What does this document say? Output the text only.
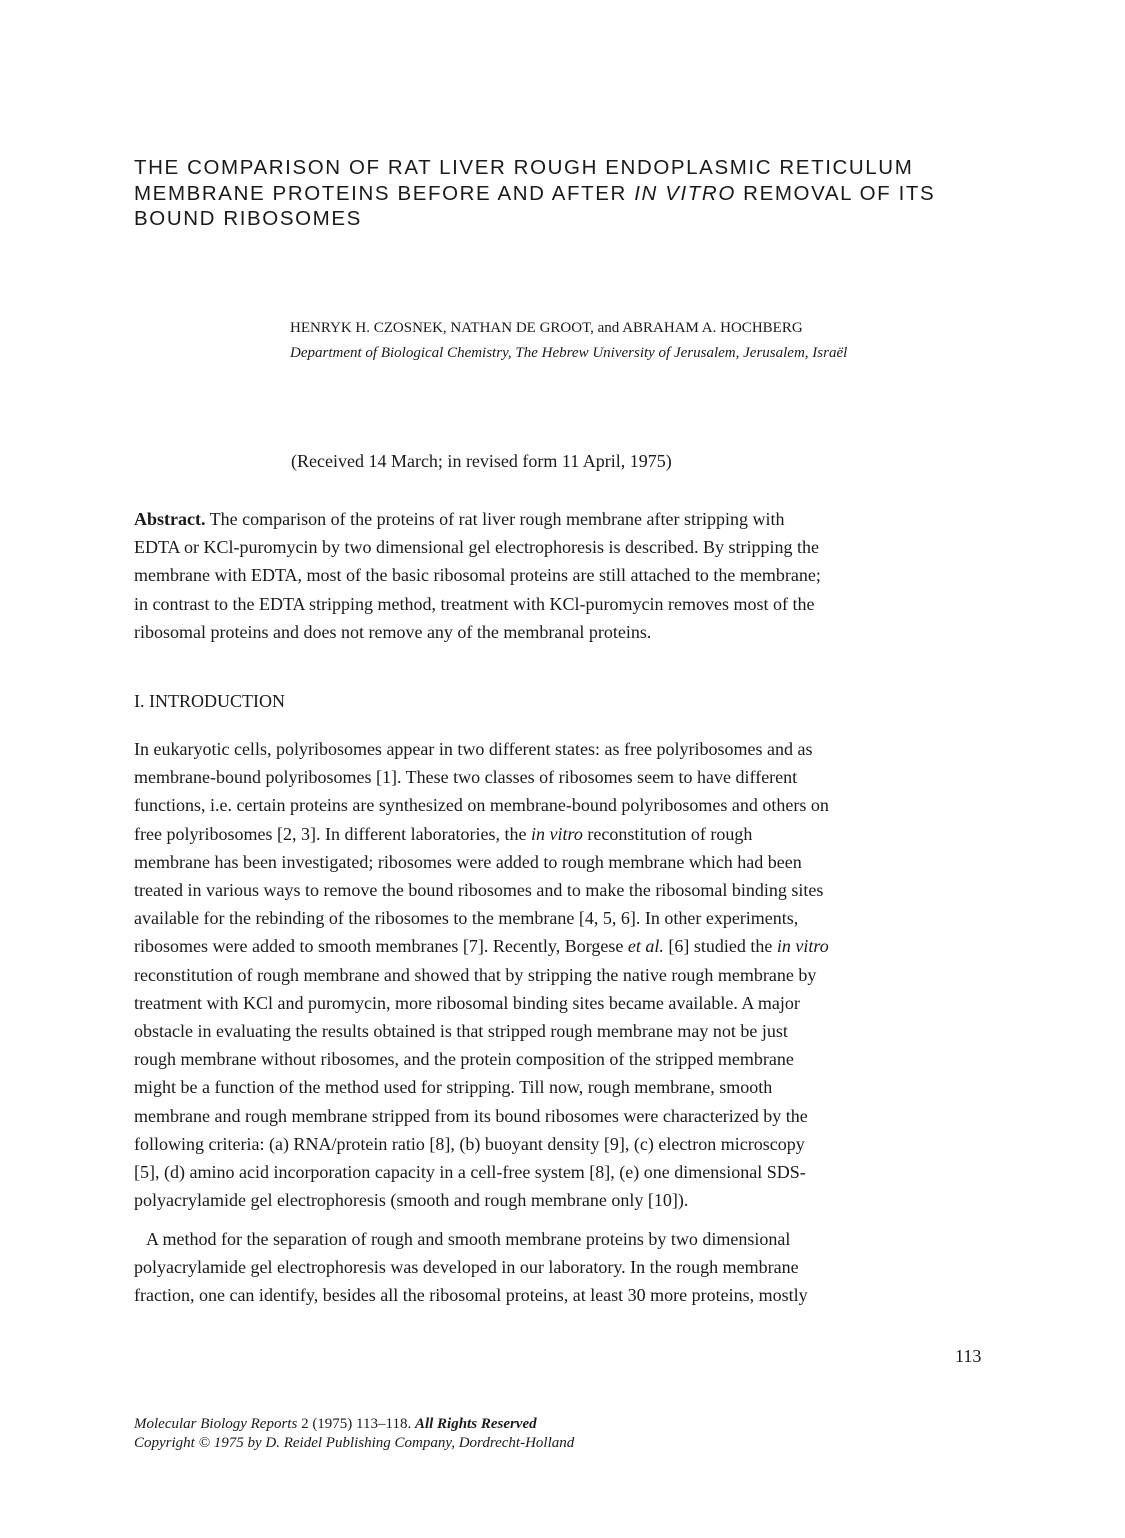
THE COMPARISON OF RAT LIVER ROUGH ENDOPLASMIC RETICULUM
MEMBRANE PROTEINS BEFORE AND AFTER IN VITRO REMOVAL OF ITS
BOUND RIBOSOMES
HENRYK H. CZOSNEK, NATHAN DE GROOT, and ABRAHAM A. HOCHBERG
Department of Biological Chemistry, The Hebrew University of Jerusalem, Jerusalem, Israël
(Received 14 March; in revised form 11 April, 1975)
Abstract. The comparison of the proteins of rat liver rough membrane after stripping with
EDTA or KCl-puromycin by two dimensional gel electrophoresis is described. By stripping the
membrane with EDTA, most of the basic ribosomal proteins are still attached to the membrane;
in contrast to the EDTA stripping method, treatment with KCl-puromycin removes most of the
ribosomal proteins and does not remove any of the membranal proteins.
I. INTRODUCTION
In eukaryotic cells, polyribosomes appear in two different states: as free polyribosomes and as
membrane-bound polyribosomes [1]. These two classes of ribosomes seem to have different
functions, i.e. certain proteins are synthesized on membrane-bound polyribosomes and others on
free polyribosomes [2, 3]. In different laboratories, the in vitro reconstitution of rough
membrane has been investigated; ribosomes were added to rough membrane which had been
treated in various ways to remove the bound ribosomes and to make the ribosomal binding sites
available for the rebinding of the ribosomes to the membrane [4, 5, 6]. In other experiments,
ribosomes were added to smooth membranes [7]. Recently, Borgese et al. [6] studied the in vitro
reconstitution of rough membrane and showed that by stripping the native rough membrane by
treatment with KCl and puromycin, more ribosomal binding sites became available. A major
obstacle in evaluating the results obtained is that stripped rough membrane may not be just
rough membrane without ribosomes, and the protein composition of the stripped membrane
might be a function of the method used for stripping. Till now, rough membrane, smooth
membrane and rough membrane stripped from its bound ribosomes were characterized by the
following criteria: (a) RNA/protein ratio [8], (b) buoyant density [9], (c) electron microscopy
[5], (d) amino acid incorporation capacity in a cell-free system [8], (e) one dimensional SDS-
polyacrylamide gel electrophoresis (smooth and rough membrane only [10]).
A method for the separation of rough and smooth membrane proteins by two dimensional
polyacrylamide gel electrophoresis was developed in our laboratory. In the rough membrane
fraction, one can identify, besides all the ribosomal proteins, at least 30 more proteins, mostly
113
Molecular Biology Reports 2 (1975) 113–118. All Rights Reserved
Copyright © 1975 by D. Reidel Publishing Company, Dordrecht-Holland
